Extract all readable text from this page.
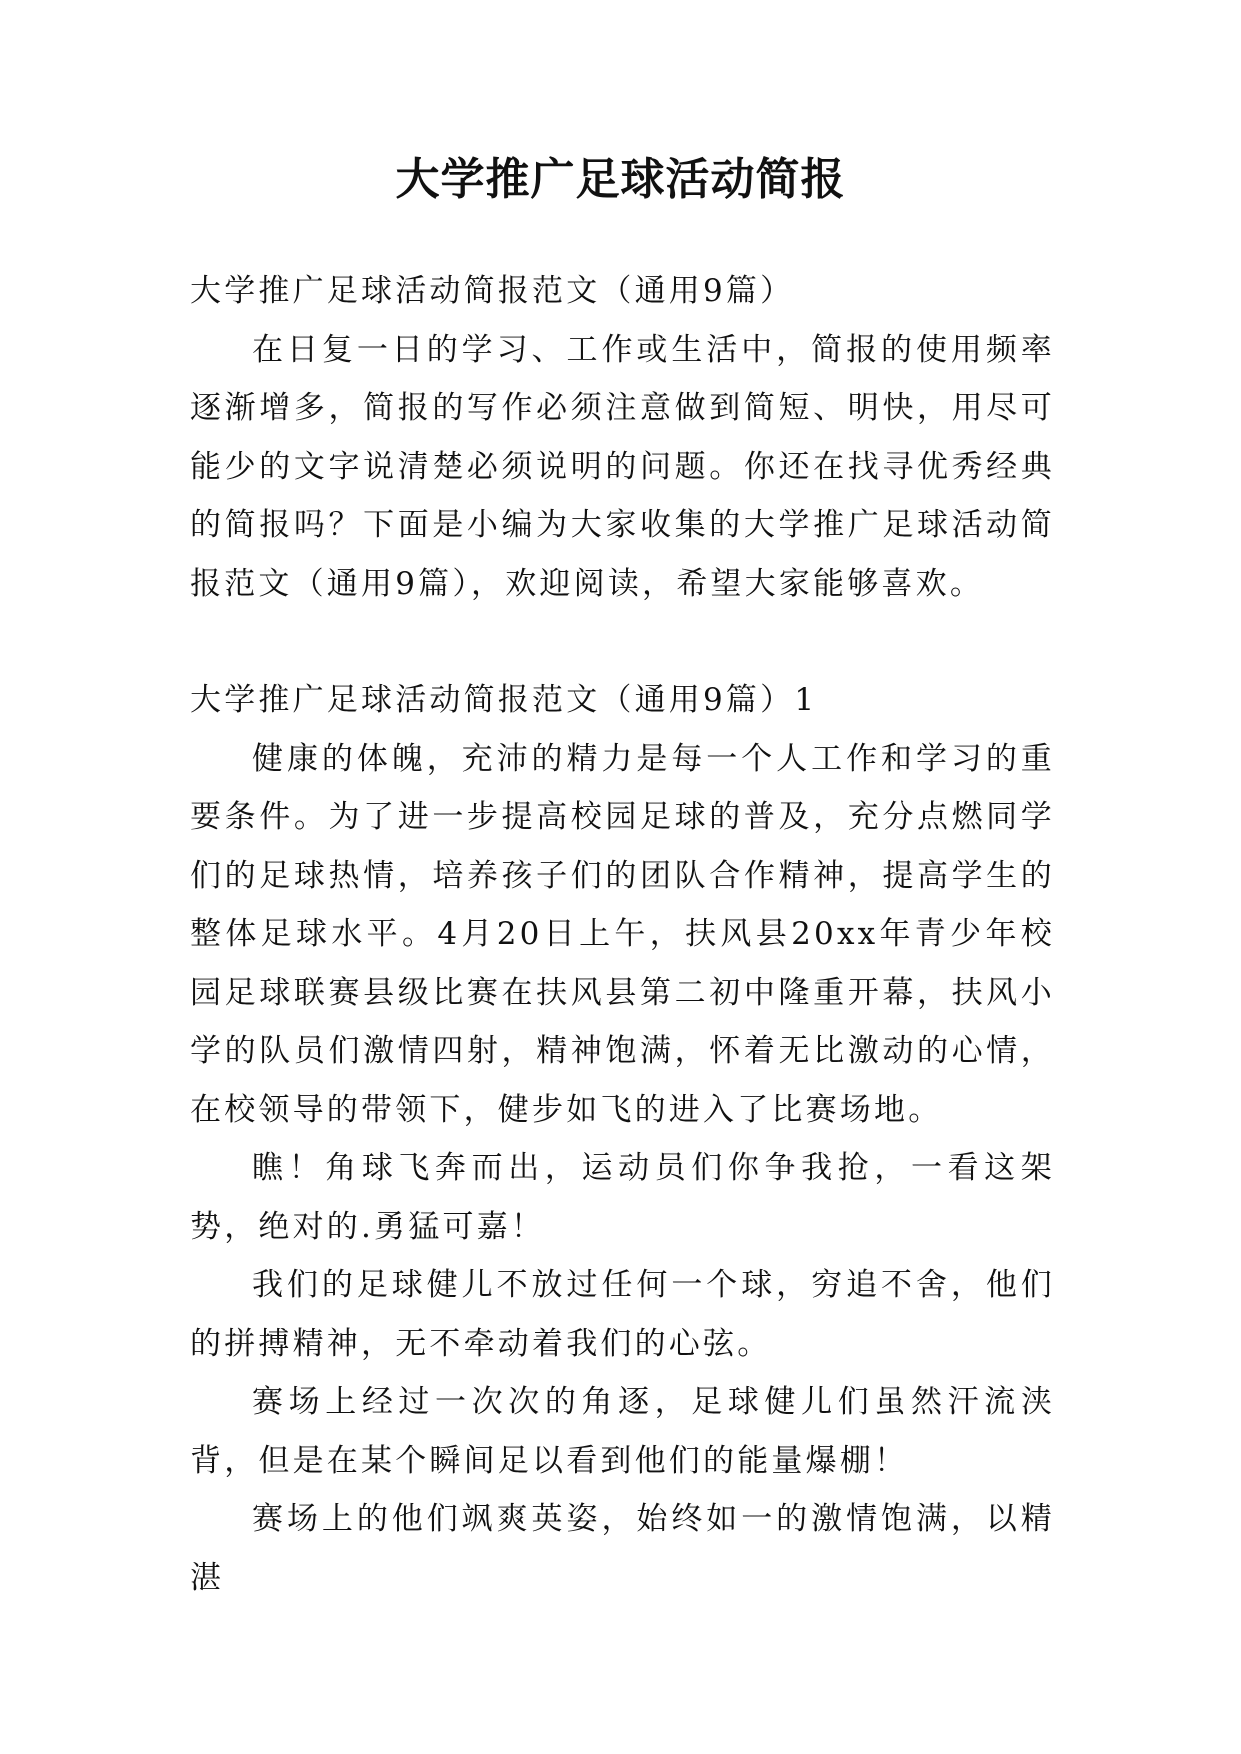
大学推广足球活动简报

大学推广足球活动简报范文（通用9篇）

在日复一日的学习、工作或生活中，简报的使用频率逐渐增多，简报的写作必须注意做到简短、明快，用尽可能少的文字说清楚必须说明的问题。你还在找寻优秀经典的简报吗？下面是小编为大家收集的大学推广足球活动简报范文（通用9篇），欢迎阅读，希望大家能够喜欢。

大学推广足球活动简报范文（通用9篇）1

健康的体魄，充沛的精力是每一个人工作和学习的重要条件。为了进一步提高校园足球的普及，充分点燃同学们的足球热情，培养孩子们的团队合作精神，提高学生的整体足球水平。4月20日上午，扶风县20xx年青少年校园足球联赛县级比赛在扶风县第二初中隆重开幕，扶风小学的队员们激情四射，精神饱满，怀着无比激动的心情，在校领导的带领下，健步如飞的进入了比赛场地。

瞧！角球飞奔而出，运动员们你争我抢，一看这架势，绝对的.勇猛可嘉！

我们的足球健儿不放过任何一个球，穷追不舍，他们的拼搏精神，无不牵动着我们的心弦。

赛场上经过一次次的角逐，足球健儿们虽然汗流浃背，但是在某个瞬间足以看到他们的能量爆棚！

赛场上的他们飒爽英姿，始终如一的激情饱满，以精湛
